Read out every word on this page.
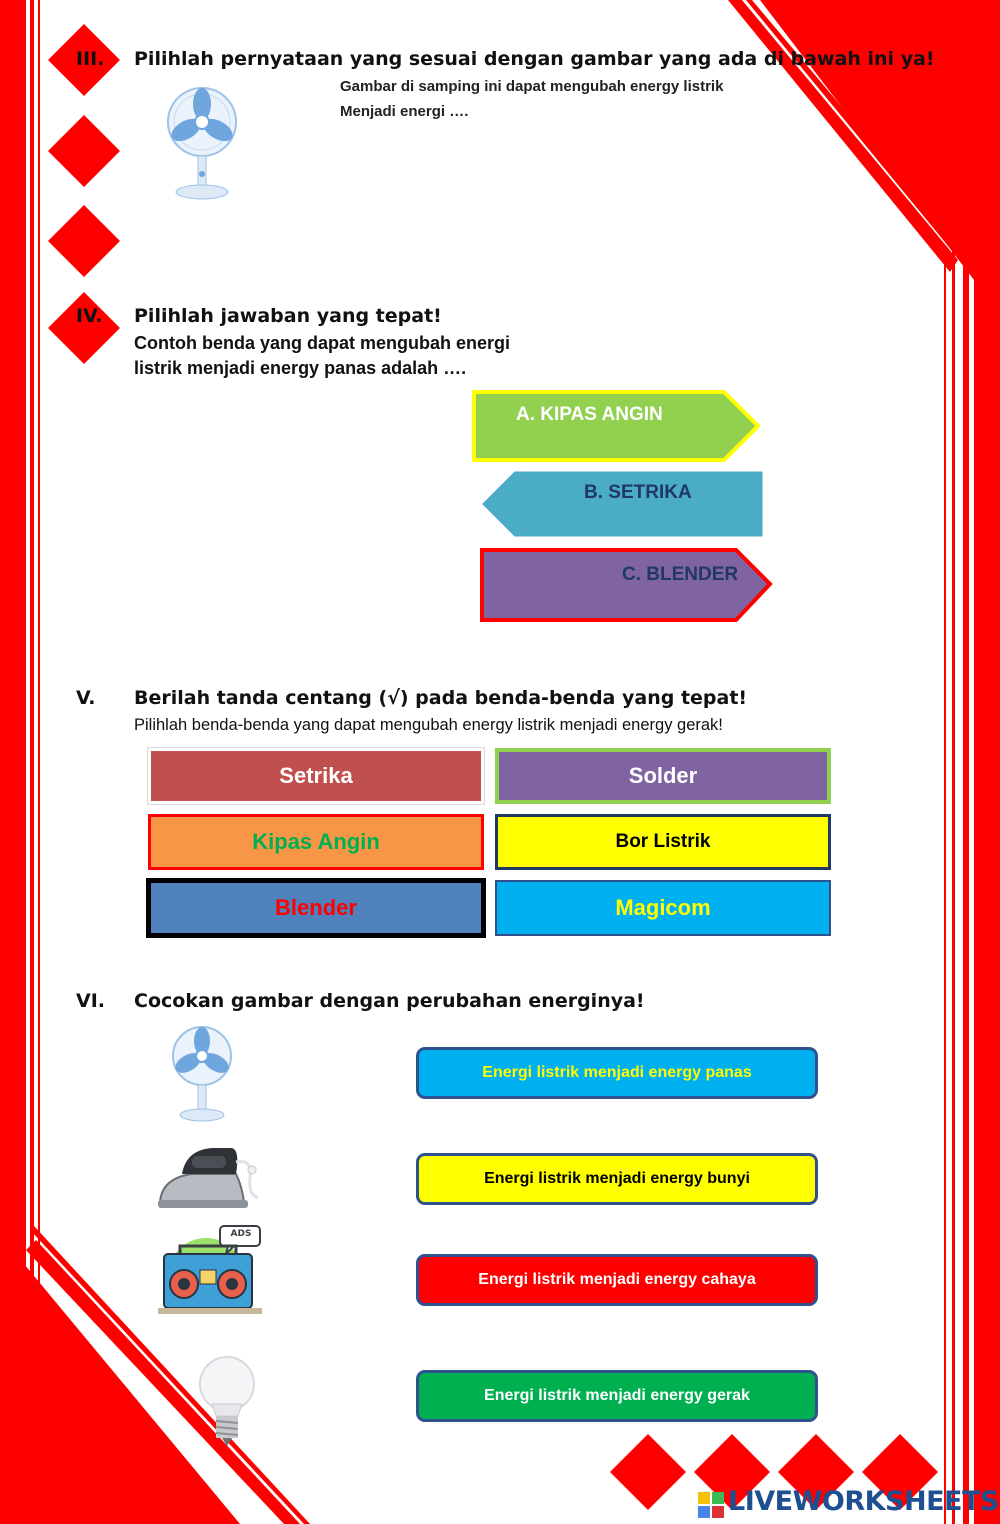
III. Pilihlah pernyataan yang sesuai dengan gambar yang ada di bawah ini ya!
Gambar di samping ini dapat mengubah energy listrik
Menjadi energi ….
IV. Pilihlah jawaban yang tepat!
Contoh benda yang dapat mengubah energi
listrik menjadi energy panas adalah ….
A. KIPAS ANGIN
B. SETRIKA
C. BLENDER
V. Berilah tanda centang (√) pada benda-benda yang tepat!
Pilihlah benda-benda yang dapat mengubah energy listrik menjadi energy gerak!
Setrika	Solder
Kipas Angin	Bor Listrik
Blender	Magicom
VI. Cocokan gambar dengan perubahan energinya!
ADS
Energi listrik menjadi energy panas
Energi listrik menjadi energy bunyi
Energi listrik menjadi energy cahaya
Energi listrik menjadi energy gerak
LIVEWORKSHEETS
